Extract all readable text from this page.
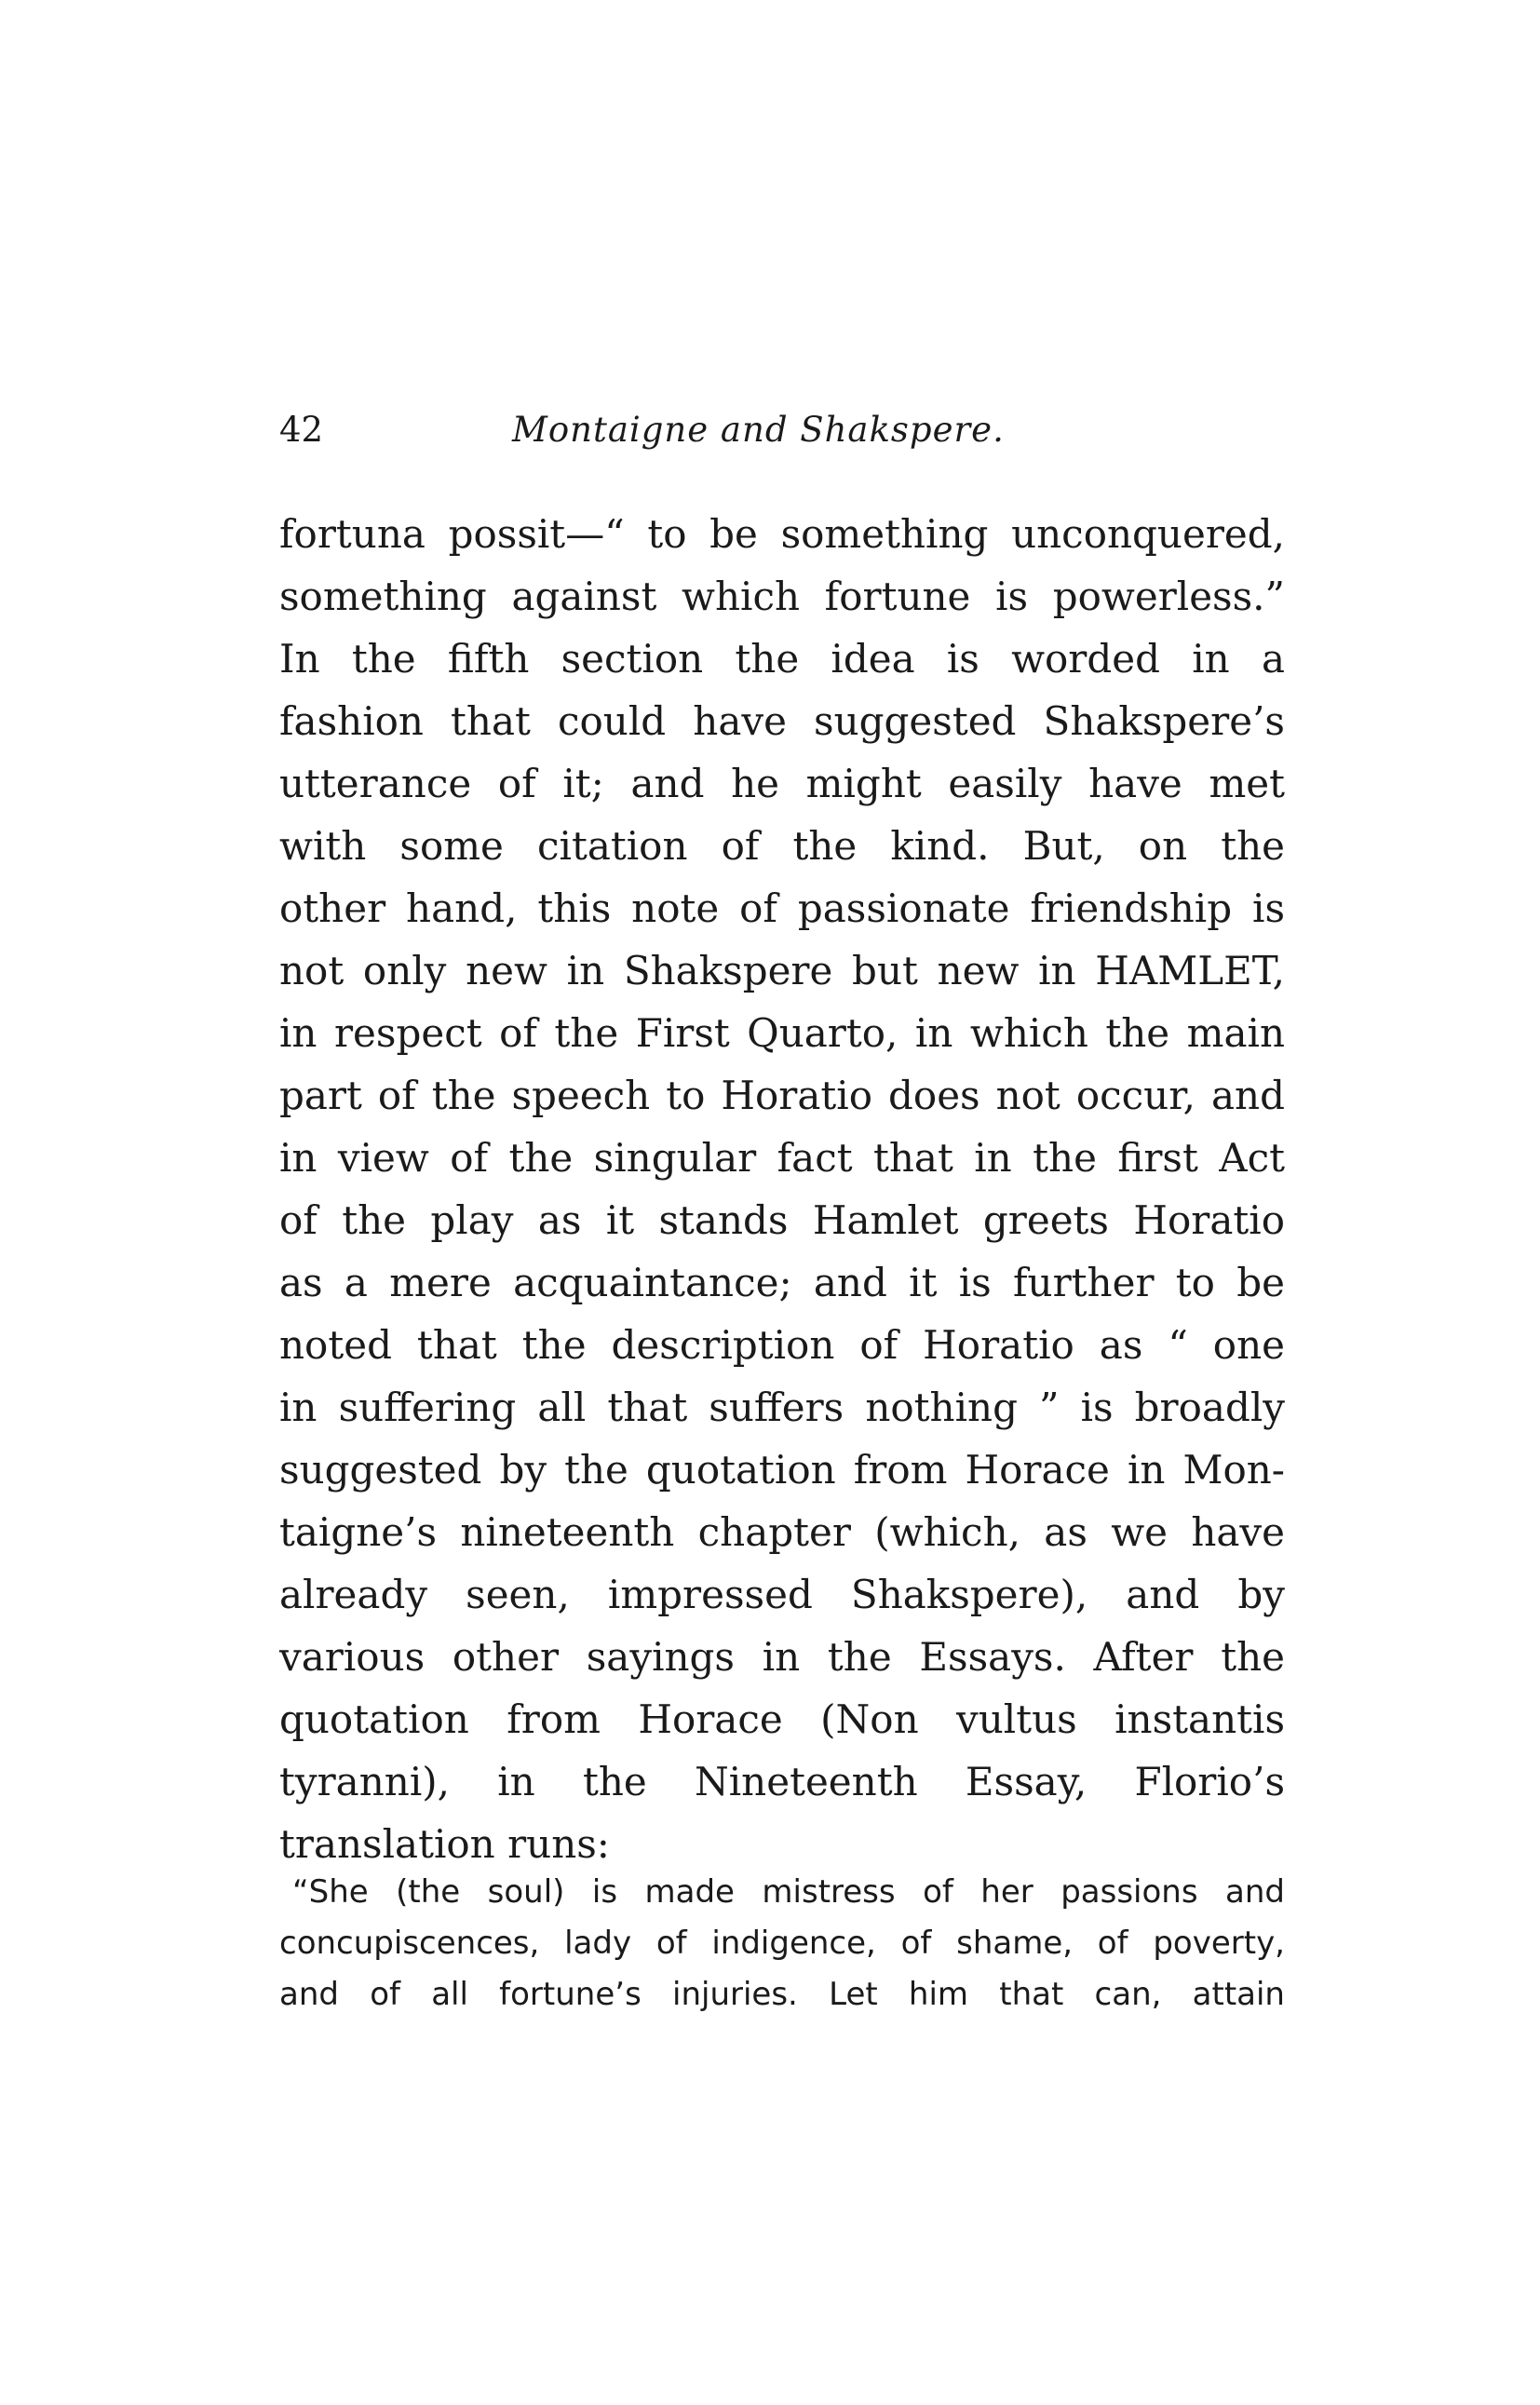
42	Montaigne and Shakspere.
fortuna possit—“ to be something unconquered,
something against which fortune is powerless.”
In the fifth section the idea is worded in a
fashion that could have suggested Shakspere’s
utterance of it; and he might easily have met
with some citation of the kind. But, on the
other hand, this note of passionate friendship is
not only new in Shakspere but new in HAMLET,
in respect of the First Quarto, in which the main
part of the speech to Horatio does not occur, and
in view of the singular fact that in the first Act
of the play as it stands Hamlet greets Horatio
as a mere acquaintance; and it is further to be
noted that the description of Horatio as “ one
in suffering all that suffers nothing ” is broadly
suggested by the quotation from Horace in Mon-
taigne’s nineteenth chapter (which, as we have
already seen, impressed Shakspere), and by
various other sayings in the Essays. After the
quotation from Horace (Non vultus instantis
tyranni), in the Nineteenth Essay, Florio’s
translation runs:
“She (the soul) is made mistress of her passions and
concupiscences, lady of indigence, of shame, of poverty,
and of all fortune’s injuries. Let him that can, attain
